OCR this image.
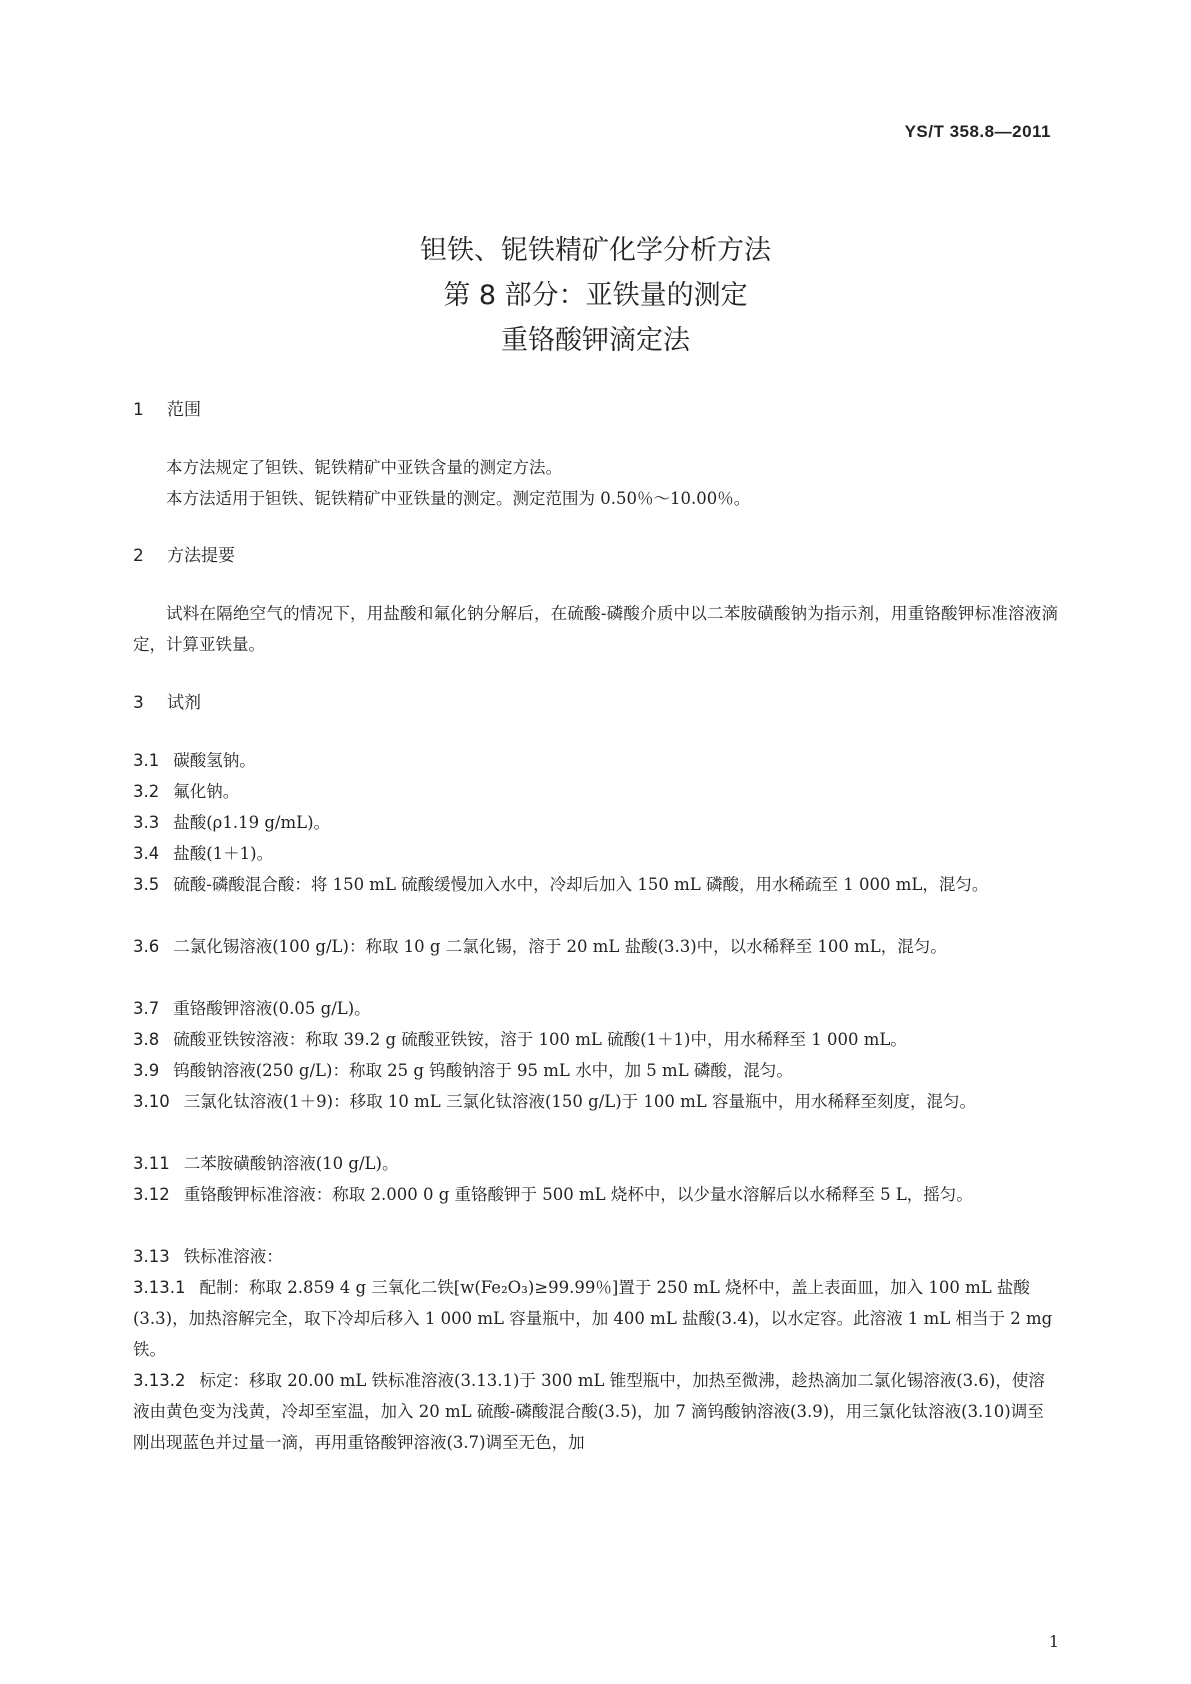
YS/T 358.8—2011
钽铁、铌铁精矿化学分析方法
第 8 部分：亚铁量的测定
重铬酸钾滴定法
1 范围
本方法规定了钽铁、铌铁精矿中亚铁含量的测定方法。
本方法适用于钽铁、铌铁精矿中亚铁量的测定。测定范围为 0.50％～10.00％。
2 方法提要
试料在隔绝空气的情况下，用盐酸和氟化钠分解后，在硫酸-磷酸介质中以二苯胺磺酸钠为指示剂，用重铬酸钾标准溶液滴定，计算亚铁量。
3 试剂
3.1 碳酸氢钠。
3.2 氟化钠。
3.3 盐酸(ρ1.19 g/mL)。
3.4 盐酸(1＋1)。
3.5 硫酸-磷酸混合酸：将 150 mL 硫酸缓慢加入水中，冷却后加入 150 mL 磷酸，用水稀疏至 1 000 mL，混匀。
3.6 二氯化锡溶液(100 g/L)：称取 10 g 二氯化锡，溶于 20 mL 盐酸(3.3)中，以水稀释至 100 mL，混匀。
3.7 重铬酸钾溶液(0.05 g/L)。
3.8 硫酸亚铁铵溶液：称取 39.2 g 硫酸亚铁铵，溶于 100 mL 硫酸(1＋1)中，用水稀释至 1 000 mL。
3.9 钨酸钠溶液(250 g/L)：称取 25 g 钨酸钠溶于 95 mL 水中，加 5 mL 磷酸，混匀。
3.10 三氯化钛溶液(1＋9)：移取 10 mL 三氯化钛溶液(150 g/L)于 100 mL 容量瓶中，用水稀释至刻度，混匀。
3.11 二苯胺磺酸钠溶液(10 g/L)。
3.12 重铬酸钾标准溶液：称取 2.000 0 g 重铬酸钾于 500 mL 烧杯中，以少量水溶解后以水稀释至 5 L，摇匀。
3.13 铁标准溶液：
3.13.1 配制：称取 2.859 4 g 三氧化二铁[w(Fe₂O₃)≥99.99％]置于 250 mL 烧杯中，盖上表面皿，加入 100 mL 盐酸(3.3)，加热溶解完全，取下冷却后移入 1 000 mL 容量瓶中，加 400 mL 盐酸(3.4)，以水定容。此溶液 1 mL 相当于 2 mg 铁。
3.13.2 标定：移取 20.00 mL 铁标准溶液(3.13.1)于 300 mL 锥型瓶中，加热至微沸，趁热滴加二氯化锡溶液(3.6)，使溶液由黄色变为浅黄，冷却至室温，加入 20 mL 硫酸-磷酸混合酸(3.5)，加 7 滴钨酸钠溶液(3.9)，用三氯化钛溶液(3.10)调至刚出现蓝色并过量一滴，再用重铬酸钾溶液(3.7)调至无色，加
1
